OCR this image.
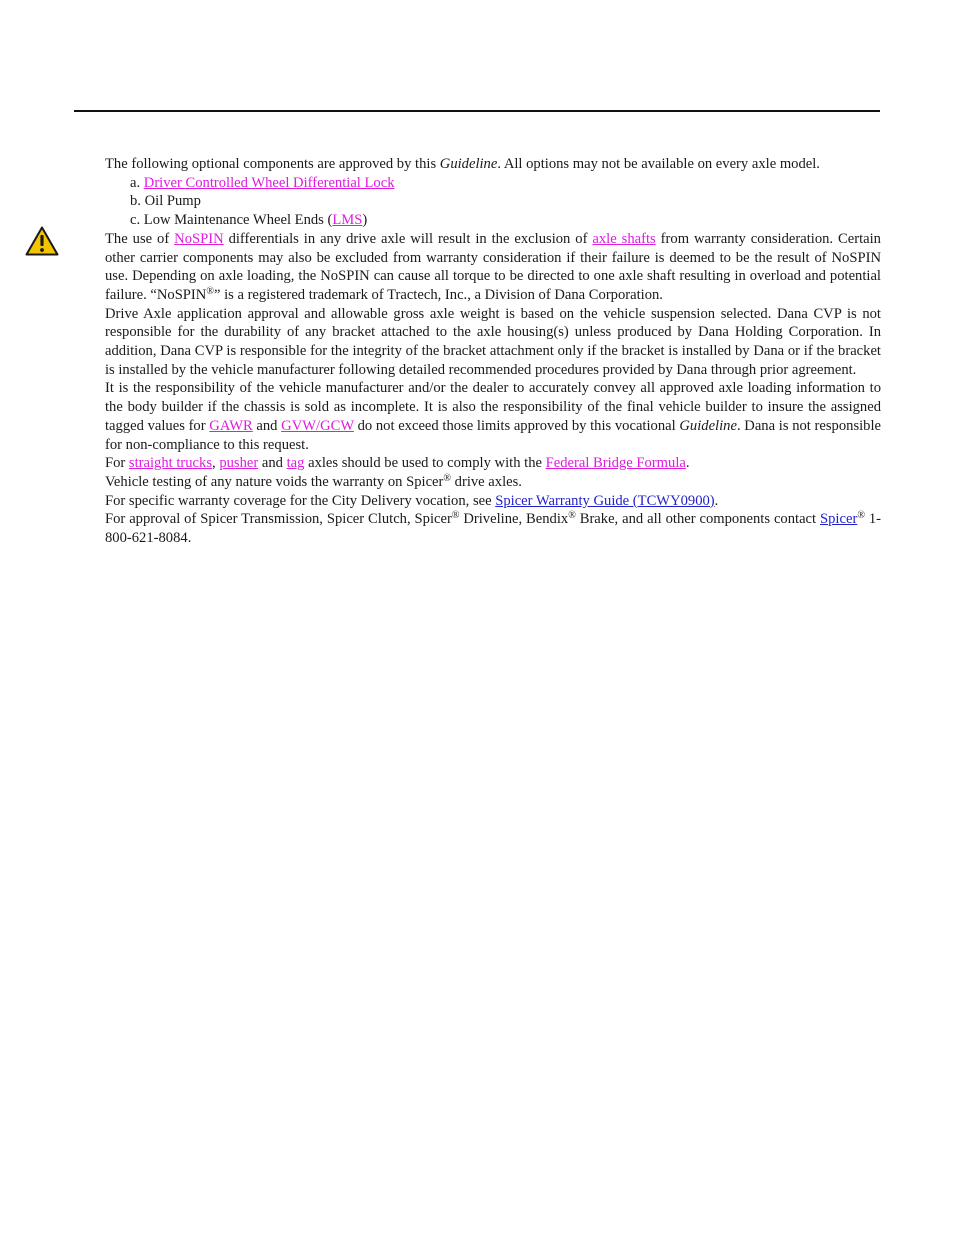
The following optional components are approved by this Guideline. All options may not be available on every axle model.

a. Driver Controlled Wheel Differential Lock

b. Oil Pump

c. Low Maintenance Wheel Ends (LMS)

The use of NoSPIN differentials in any drive axle will result in the exclusion of axle shafts from warranty consideration. Certain other carrier components may also be excluded from warranty consideration if their failure is deemed to be the result of NoSPIN use. Depending on axle loading, the NoSPIN can cause all torque to be directed to one axle shaft resulting in overload and potential failure. “NoSPIN®” is a registered trademark of Tractech, Inc., a Division of Dana Corporation.

Drive Axle application approval and allowable gross axle weight is based on the vehicle suspension selected. Dana CVP is not responsible for the durability of any bracket attached to the axle housing(s) unless produced by Dana Holding Corporation. In addition, Dana CVP is responsible for the integrity of the bracket attachment only if the bracket is installed by Dana or if the bracket is installed by the vehicle manufacturer following detailed recommended procedures provided by Dana through prior agreement.

It is the responsibility of the vehicle manufacturer and/or the dealer to accurately convey all approved axle loading information to the body builder if the chassis is sold as incomplete. It is also the responsibility of the final vehicle builder to insure the assigned tagged values for GAWR and GVW/GCW do not exceed those limits approved by this vocational Guideline. Dana is not responsible for non-compliance to this request.

For straight trucks, pusher and tag axles should be used to comply with the Federal Bridge Formula.

Vehicle testing of any nature voids the warranty on Spicer® drive axles.

For specific warranty coverage for the City Delivery vocation, see Spicer Warranty Guide (TCWY0900).

For approval of Spicer Transmission, Spicer Clutch, Spicer® Driveline, Bendix® Brake, and all other components contact Spicer® 1-800-621-8084.
